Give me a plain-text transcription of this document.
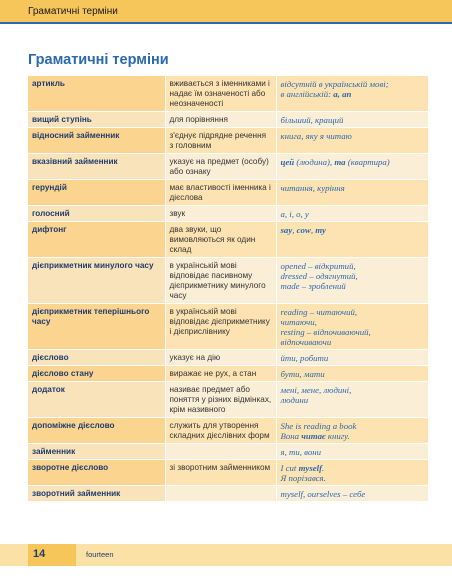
Граматичні терміни
Граматичні терміни
артикль	вживається з іменниками і надає їм означеності або неозначеності	відсутній в українській мові;
в англійській: a, an

вищий ступінь	для порівняння	більший, кращий

відносний займенник	з'єднує підрядне речення з головним	книга, яку я читаю

вказівний займенник	указує на предмет (особу) або ознаку	цей (людина), та (квартира)

герундій	має властивості іменника і дієслова	читання, куріння

голосний	звук	а, і, о, у

дифтонг	два звуки, що вимовляються як один склад	say, cow, my

дієприкметник минулого часу	в українській мові відповідає пасивному дієприкметнику минулого часу	opened – відкритий,
dressed – одягнутий,
made – зроблений

дієприкметник теперішнього часу	в українській мові відповідає дієприкметнику і дієприслівнику	reading – читаючий,
читаючи,
resting – відпочиваючий,
відпочиваючи

дієслово	указує на дію	йти, робити

дієслово стану	виражає не рух, а стан	бути, мати

додаток	називає предмет або поняття у різних відмінках, крім називного	мені, мене, людині,
людини

допоміжне дієслово	служить для утворення складних дієслівних форм	She is reading a book
Вона читає книгу.

займенник		я, ти, вони

зворотне дієслово	зі зворотним займенником	I cut myself.
Я порізався.

зворотний займенник		myself, ourselves – себе
14	fourteen
